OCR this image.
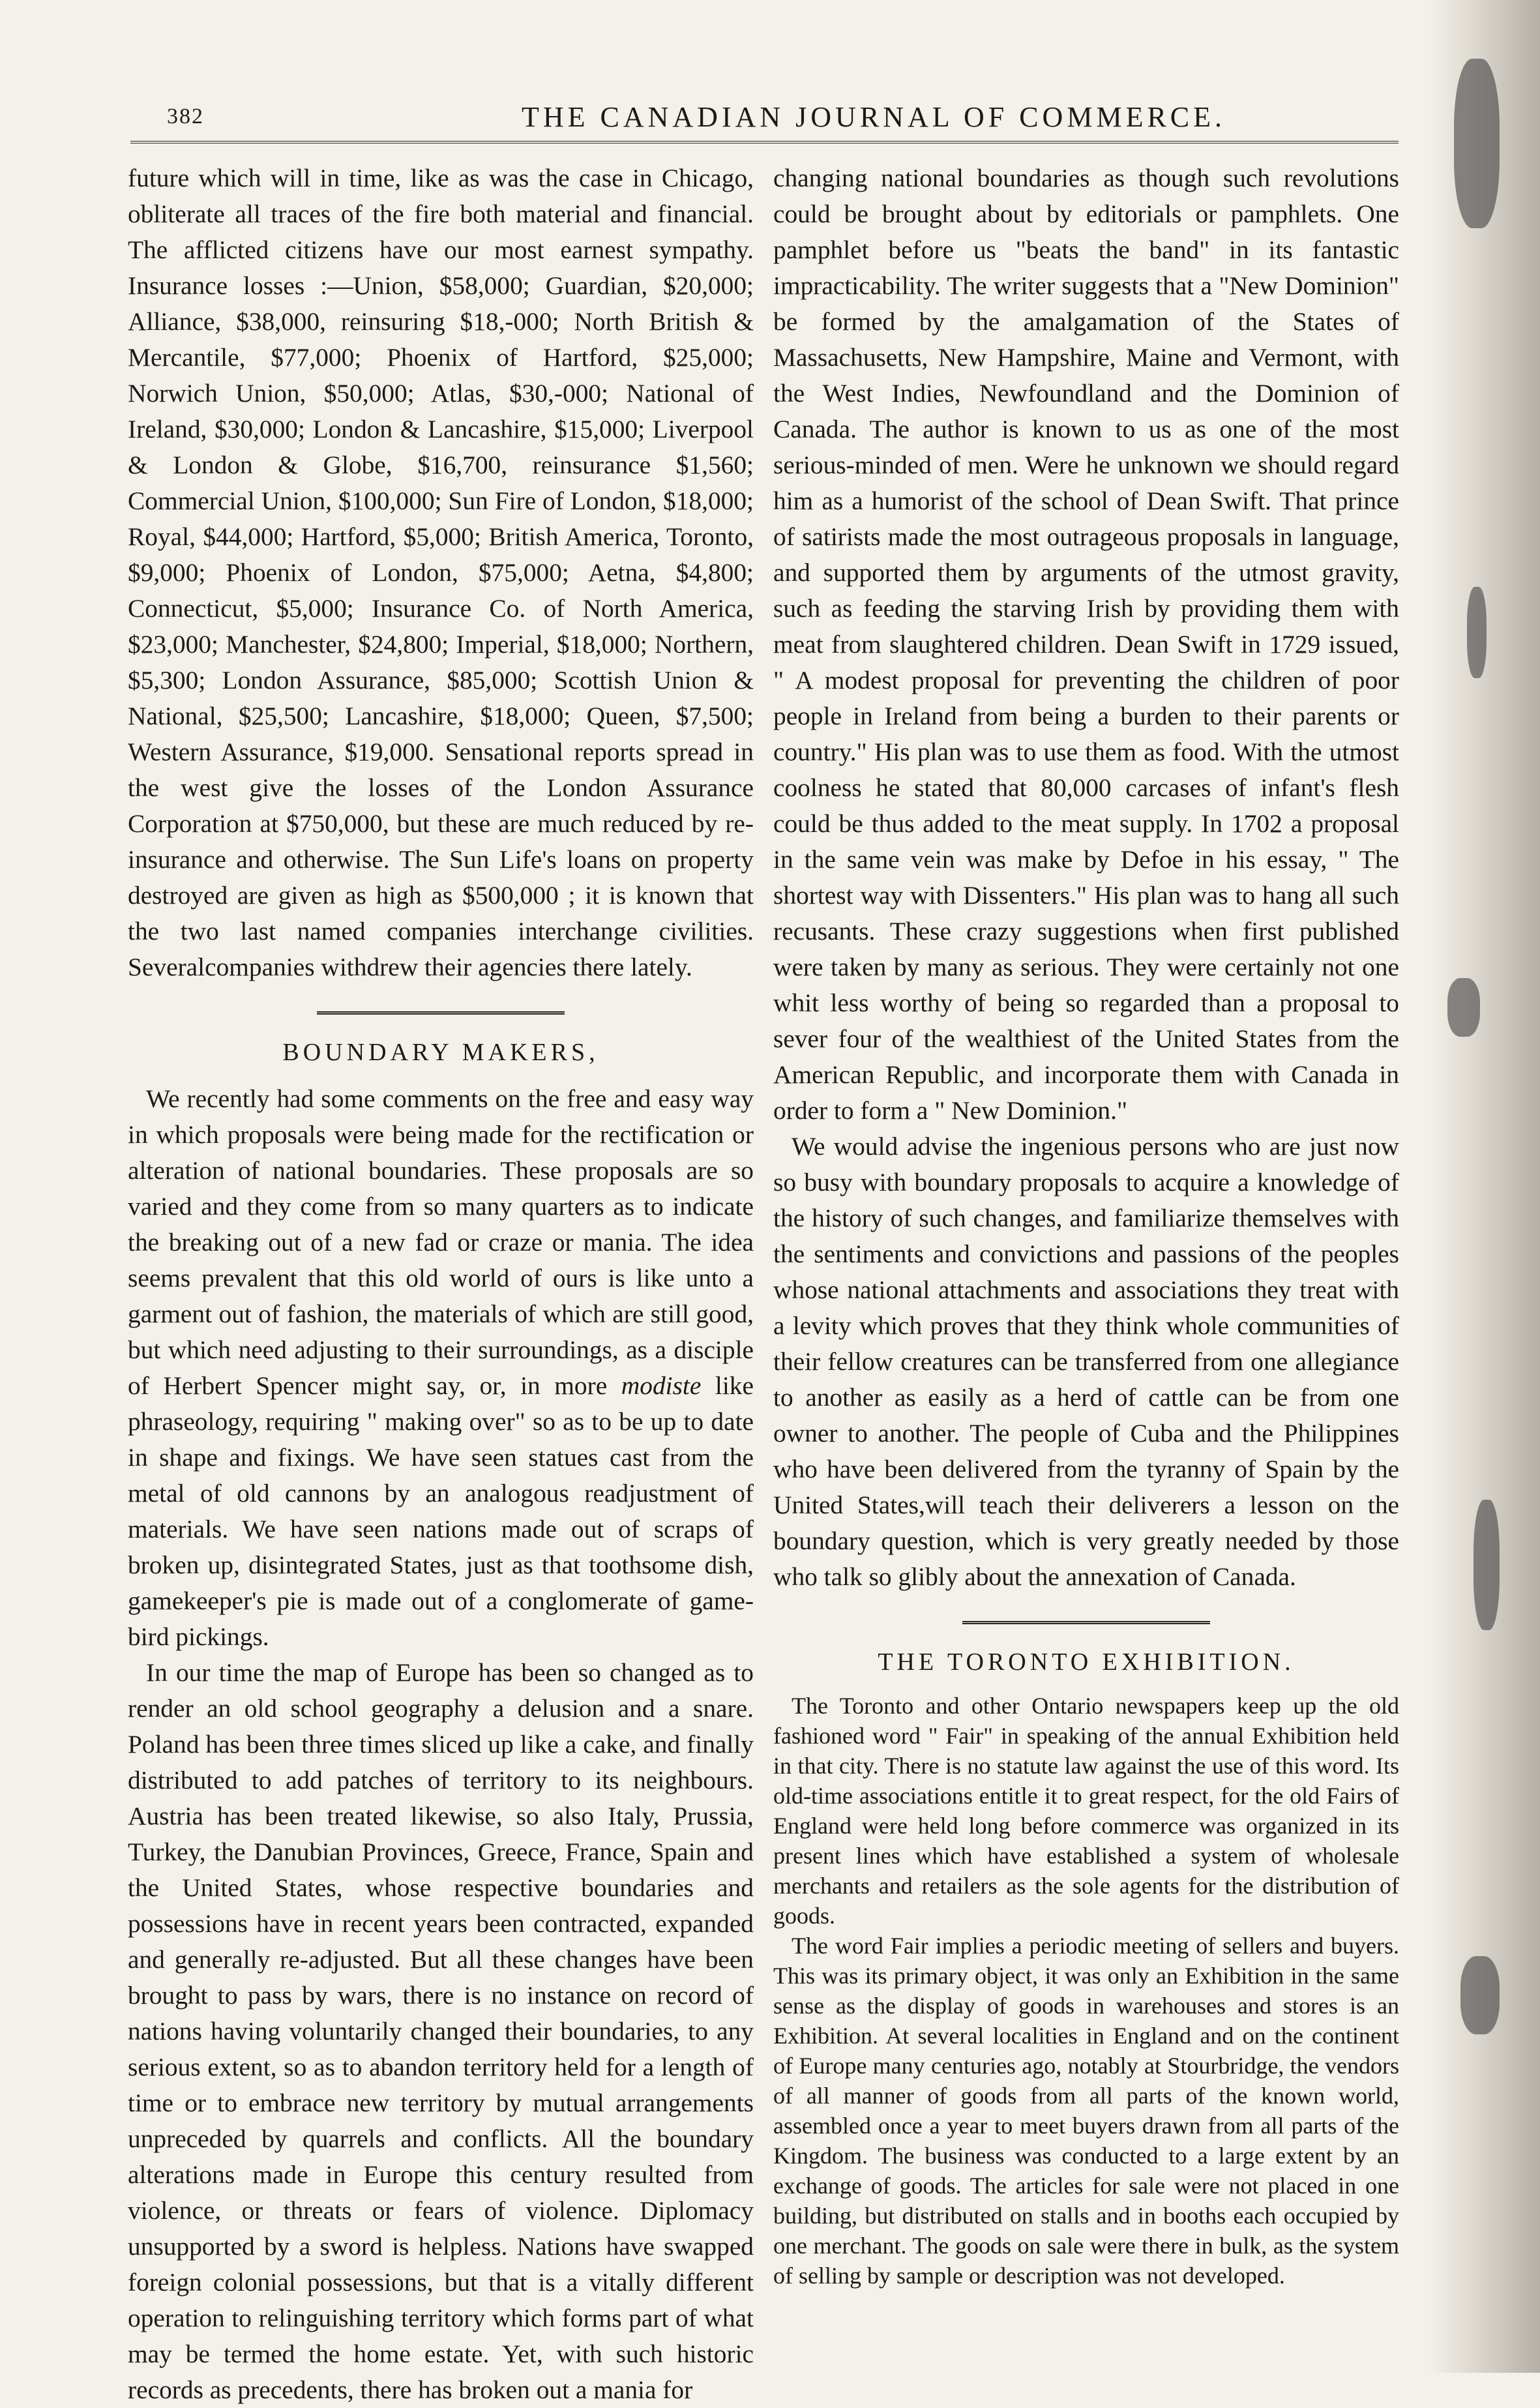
382	THE CANADIAN JOURNAL OF COMMERCE.

future which will in time, like as was the case in Chicago, obliterate all traces of the fire both material and financial. The afflicted citizens have our most earnest sympathy. Insurance losses :—Union, $58,000; Guardian, $20,000; Alliance, $38,000, reinsuring $18,-000; North British & Mercantile, $77,000; Phoenix of Hartford, $25,000; Norwich Union, $50,000; Atlas, $30,-000; National of Ireland, $30,000; London & Lancashire, $15,000; Liverpool & London & Globe, $16,700, reinsurance $1,560; Commercial Union, $100,000; Sun Fire of London, $18,000; Royal, $44,000; Hartford, $5,000; British America, Toronto, $9,000; Phoenix of London, $75,000; Aetna, $4,800; Connecticut, $5,000; Insurance Co. of North America, $23,000; Manchester, $24,800; Imperial, $18,000; Northern, $5,300; London Assurance, $85,000; Scottish Union & National, $25,500; Lancashire, $18,000; Queen, $7,500; Western Assurance, $19,000. Sensational reports spread in the west give the losses of the London Assurance Corporation at $750,000, but these are much reduced by re-insurance and otherwise. The Sun Life's loans on property destroyed are given as high as $500,000 ; it is known that the two last named companies interchange civilities. Severalcompanies withdrew their agencies there lately.

BOUNDARY MAKERS,

We recently had some comments on the free and easy way in which proposals were being made for the rectification or alteration of national boundaries. These proposals are so varied and they come from so many quarters as to indicate the breaking out of a new fad or craze or mania. The idea seems prevalent that this old world of ours is like unto a garment out of fashion, the materials of which are still good, but which need adjusting to their surroundings, as a disciple of Herbert Spencer might say, or, in more modiste like phraseology, requiring " making over" so as to be up to date in shape and fixings. We have seen statues cast from the metal of old cannons by an analogous readjustment of materials. We have seen nations made out of scraps of broken up, disintegrated States, just as that toothsome dish, gamekeeper's pie is made out of a conglomerate of game-bird pickings.

In our time the map of Europe has been so changed as to render an old school geography a delusion and a snare. Poland has been three times sliced up like a cake, and finally distributed to add patches of territory to its neighbours. Austria has been treated likewise, so also Italy, Prussia, Turkey, the Danubian Provinces, Greece, France, Spain and the United States, whose respective boundaries and possessions have in recent years been contracted, expanded and generally re-adjusted. But all these changes have been brought to pass by wars, there is no instance on record of nations having voluntarily changed their boundaries, to any serious extent, so as to abandon territory held for a length of time or to embrace new territory by mutual arrangements unpreceded by quarrels and conflicts. All the boundary alterations made in Europe this century resulted from violence, or threats or fears of violence. Diplomacy unsupported by a sword is helpless. Nations have swapped foreign colonial possessions, but that is a vitally different operation to relinguishing territory which forms part of what may be termed the home estate. Yet, with such historic records as precedents, there has broken out a mania for

changing national boundaries as though such revolutions could be brought about by editorials or pamphlets. One pamphlet before us "beats the band" in its fantastic impracticability. The writer suggests that a "New Dominion" be formed by the amalgamation of the States of Massachusetts, New Hampshire, Maine and Vermont, with the West Indies, Newfoundland and the Dominion of Canada. The author is known to us as one of the most serious-minded of men. Were he unknown we should regard him as a humorist of the school of Dean Swift. That prince of satirists made the most outrageous proposals in language, and supported them by arguments of the utmost gravity, such as feeding the starving Irish by providing them with meat from slaughtered children. Dean Swift in 1729 issued, " A modest proposal for preventing the children of poor people in Ireland from being a burden to their parents or country." His plan was to use them as food. With the utmost coolness he stated that 80,000 carcases of infant's flesh could be thus added to the meat supply. In 1702 a proposal in the same vein was make by Defoe in his essay, " The shortest way with Dissenters." His plan was to hang all such recusants. These crazy suggestions when first published were taken by many as serious. They were certainly not one whit less worthy of being so regarded than a proposal to sever four of the wealthiest of the United States from the American Republic, and incorporate them with Canada in order to form a " New Dominion."

We would advise the ingenious persons who are just now so busy with boundary proposals to acquire a knowledge of the history of such changes, and familiarize themselves with the sentiments and convictions and passions of the peoples whose national attachments and associations they treat with a levity which proves that they think whole communities of their fellow creatures can be transferred from one allegiance to another as easily as a herd of cattle can be from one owner to another. The people of Cuba and the Philippines who have been delivered from the tyranny of Spain by the United States,will teach their deliverers a lesson on the boundary question, which is very greatly needed by those who talk so glibly about the annexation of Canada.

THE TORONTO EXHIBITION.

The Toronto and other Ontario newspapers keep up the old fashioned word " Fair" in speaking of the annual Exhibition held in that city. There is no statute law against the use of this word. Its old-time associations entitle it to great respect, for the old Fairs of England were held long before commerce was organized in its present lines which have established a system of wholesale merchants and retailers as the sole agents for the distribution of goods.

The word Fair implies a periodic meeting of sellers and buyers. This was its primary object, it was only an Exhibition in the same sense as the display of goods in warehouses and stores is an Exhibition. At several localities in England and on the continent of Europe many centuries ago, notably at Stourbridge, the vendors of all manner of goods from all parts of the known world, assembled once a year to meet buyers drawn from all parts of the Kingdom. The business was conducted to a large extent by an exchange of goods. The articles for sale were not placed in one building, but distributed on stalls and in booths each occupied by one merchant. The goods on sale were there in bulk, as the system of selling by sample or description was not developed.
